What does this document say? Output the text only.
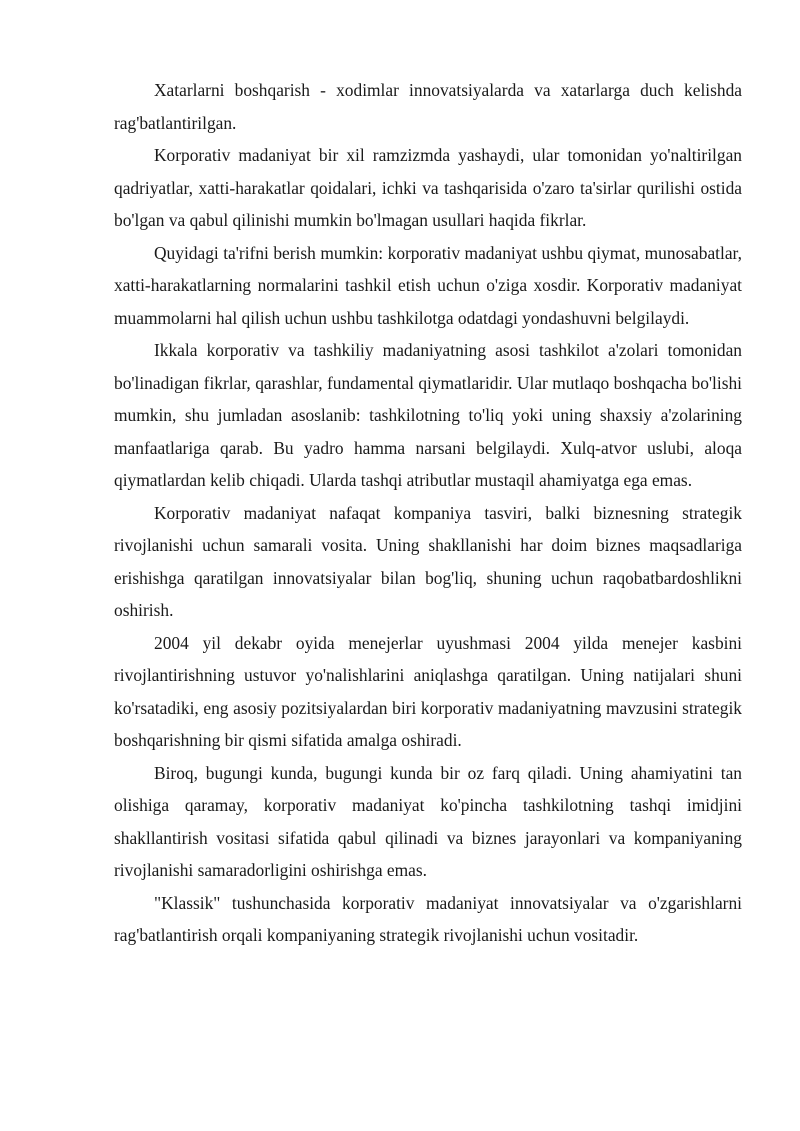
Xatarlarni boshqarish - xodimlar innovatsiyalarda va xatarlarga duch kelishda rag'batlantirilgan.

Korporativ madaniyat bir xil ramzizmda yashaydi, ular tomonidan yo'naltirilgan qadriyatlar, xatti-harakatlar qoidalari, ichki va tashqarisida o'zaro ta'sirlar qurilishi ostida bo'lgan va qabul qilinishi mumkin bo'lmagan usullari haqida fikrlar.

Quyidagi ta'rifni berish mumkin: korporativ madaniyat ushbu qiymat, munosabatlar, xatti-harakatlarning normalarini tashkil etish uchun o'ziga xosdir. Korporativ madaniyat muammolarni hal qilish uchun ushbu tashkilotga odatdagi yondashuvni belgilaydi.

Ikkala korporativ va tashkiliy madaniyatning asosi tashkilot a'zolari tomonidan bo'linadigan fikrlar, qarashlar, fundamental qiymatlaridir. Ular mutlaqo boshqacha bo'lishi mumkin, shu jumladan asoslanib: tashkilotning to'liq yoki uning shaxsiy a'zolarining manfaatlariga qarab. Bu yadro hamma narsani belgilaydi. Xulq-atvor uslubi, aloqa qiymatlardan kelib chiqadi. Ularda tashqi atributlar mustaqil ahamiyatga ega emas.

Korporativ madaniyat nafaqat kompaniya tasviri, balki biznesning strategik rivojlanishi uchun samarali vosita. Uning shakllanishi har doim biznes maqsadlariga erishishga qaratilgan innovatsiyalar bilan bog'liq, shuning uchun raqobatbardoshlikni oshirish.

2004 yil dekabr oyida menejerlar uyushmasi 2004 yilda menejer kasbini rivojlantirishning ustuvor yo'nalishlarini aniqlashga qaratilgan. Uning natijalari shuni ko'rsatadiki, eng asosiy pozitsiyalardan biri korporativ madaniyatning mavzusini strategik boshqarishning bir qismi sifatida amalga oshiradi.

Biroq, bugungi kunda, bugungi kunda bir oz farq qiladi. Uning ahamiyatini tan olishiga qaramay, korporativ madaniyat ko'pincha tashkilotning tashqi imidjini shakllantirish vositasi sifatida qabul qilinadi va biznes jarayonlari va kompaniyaning rivojlanishi samaradorligini oshirishga emas.

"Klassik" tushunchasida korporativ madaniyat innovatsiyalar va o'zgarishlarni rag'batlantirish orqali kompaniyaning strategik rivojlanishi uchun vositadir.
